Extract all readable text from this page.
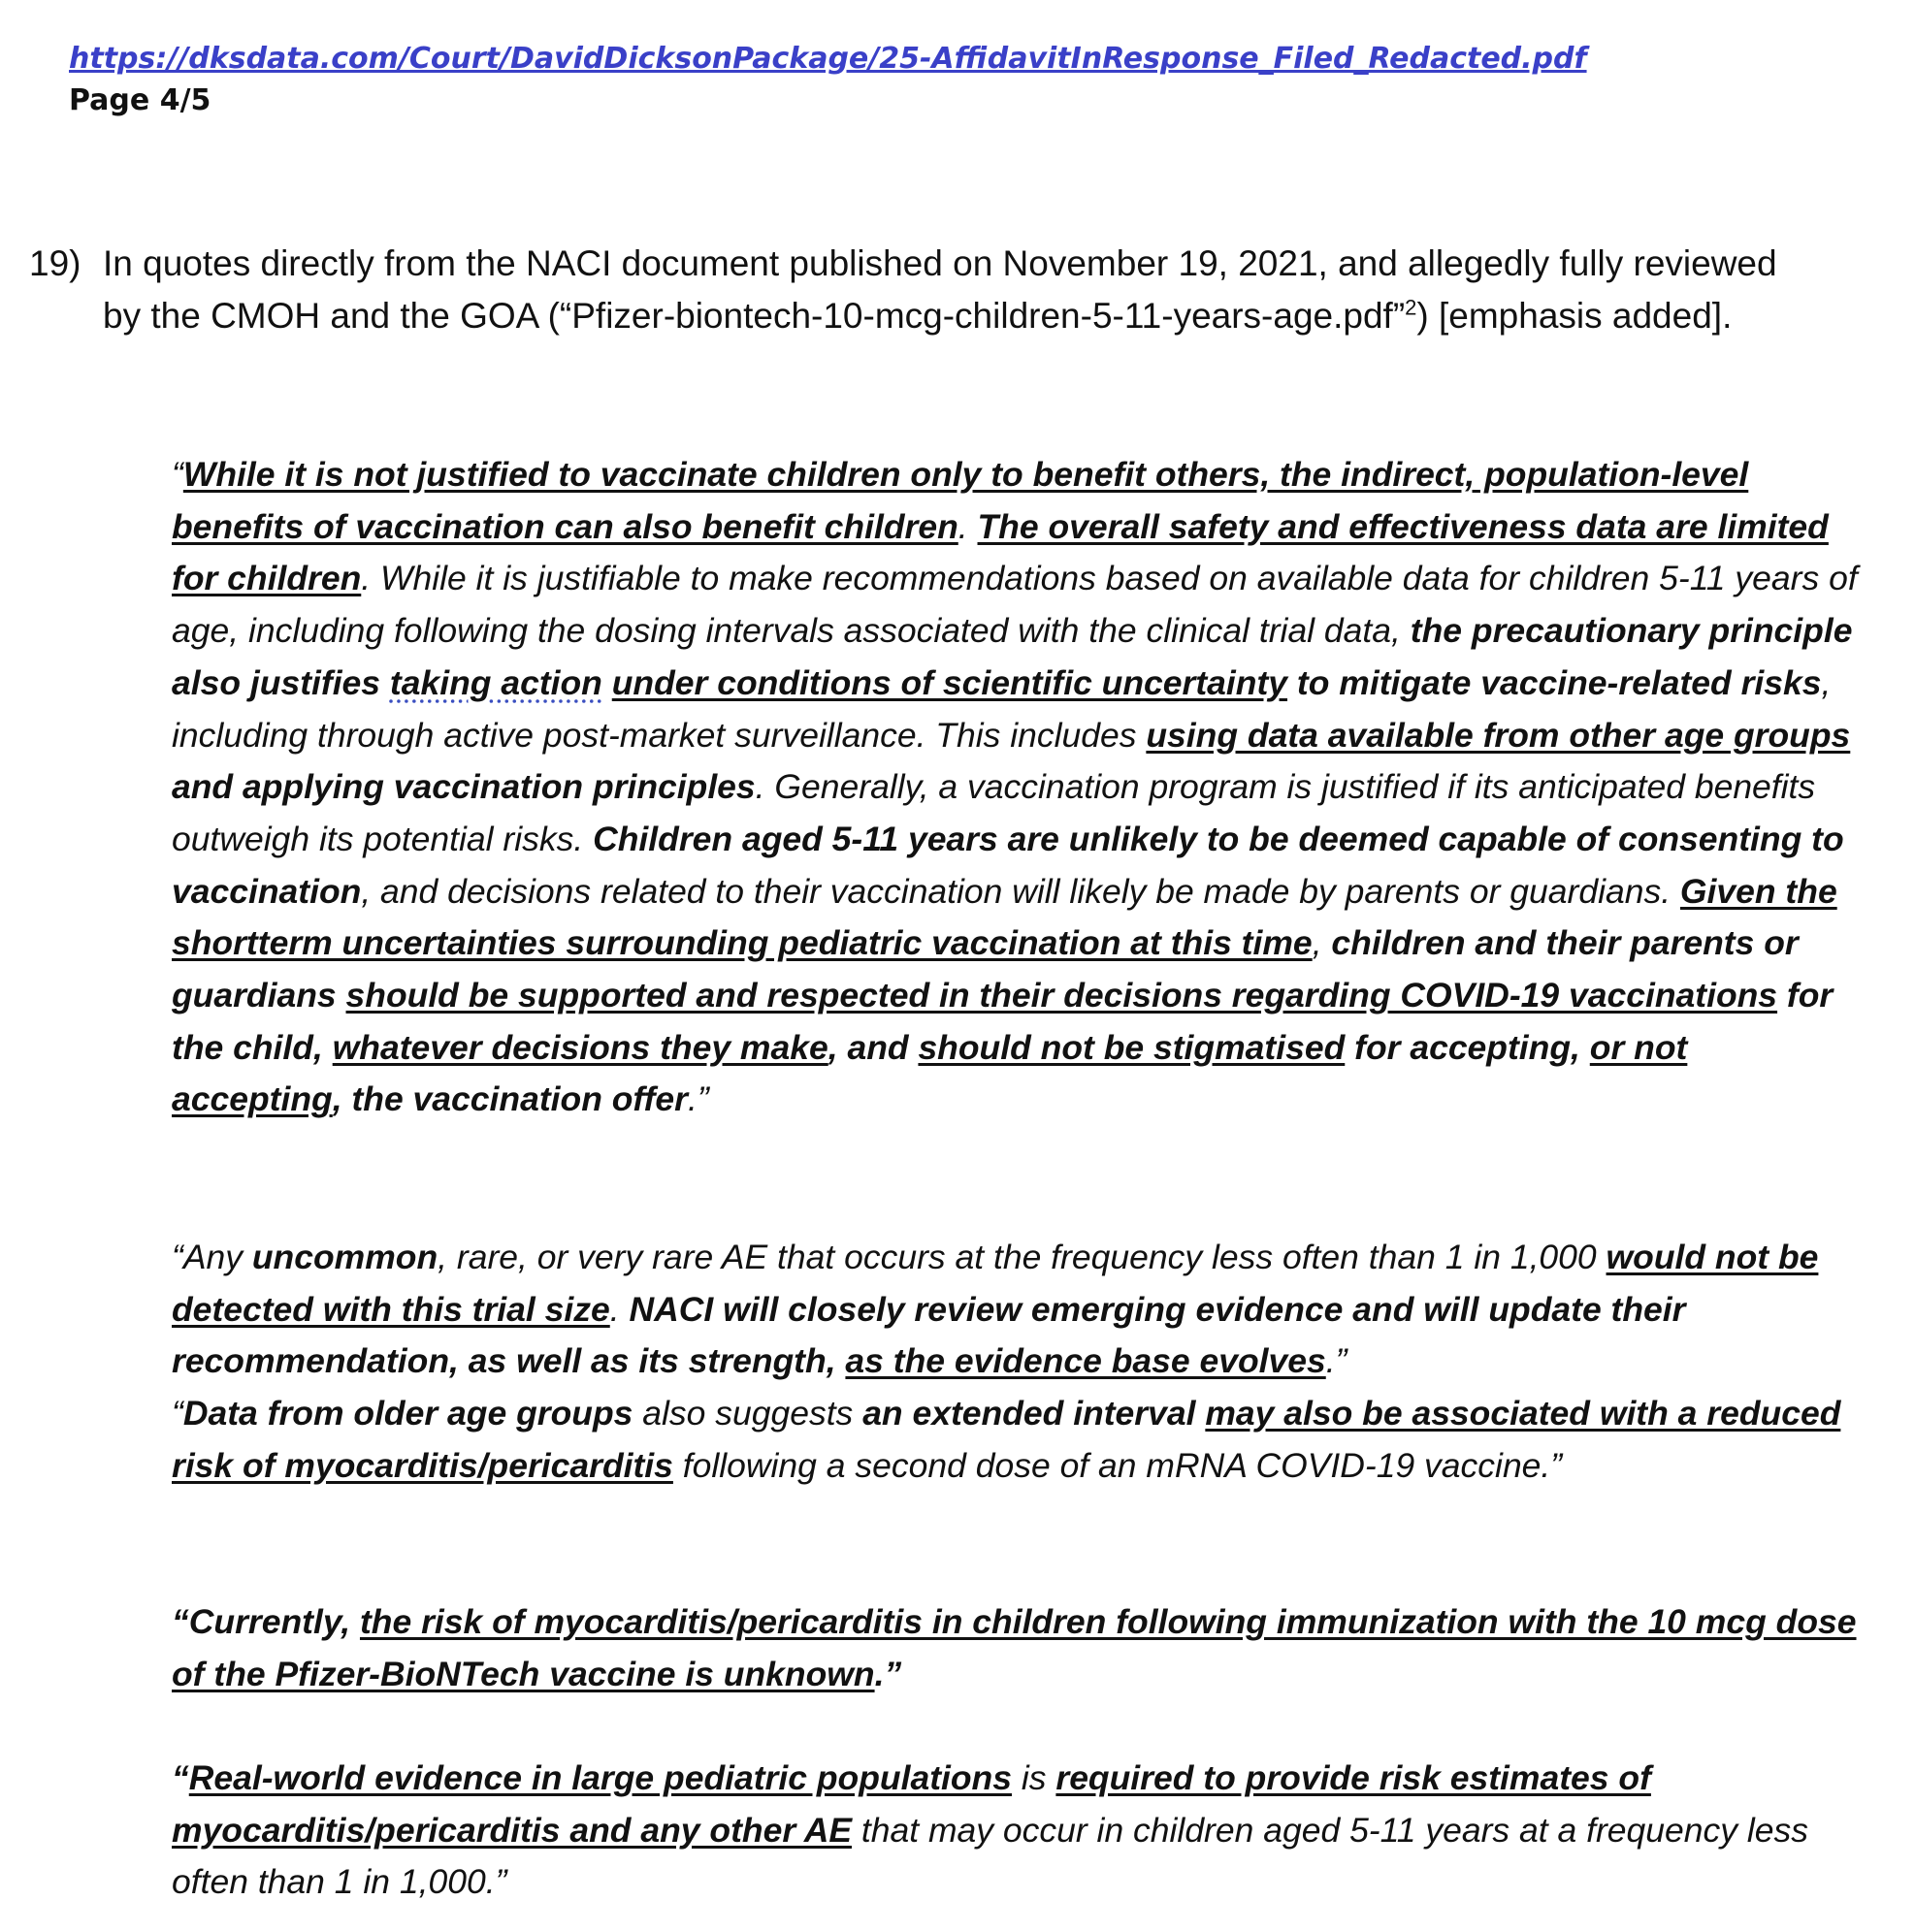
https://dksdata.com/Court/DavidDicksonPackage/25-AffidavitInResponse_Filed_Redacted.pdf
Page 4/5
19) In quotes directly from the NACI document published on November 19, 2021, and allegedly fully reviewed by the CMOH and the GOA (“Pfizer-biontech-10-mcg-children-5-11-years-age.pdf”$^2$) [emphasis added].
“While it is not justified to vaccinate children only to benefit others, the indirect, population-level benefits of vaccination can also benefit children. The overall safety and effectiveness data are limited for children. While it is justifiable to make recommendations based on available data for children 5-11 years of age, including following the dosing intervals associated with the clinical trial data, the precautionary principle also justifies taking action under conditions of scientific uncertainty to mitigate vaccine-related risks, including through active post-market surveillance. This includes using data available from other age groups and applying vaccination principles. Generally, a vaccination program is justified if its anticipated benefits outweigh its potential risks. Children aged 5-11 years are unlikely to be deemed capable of consenting to vaccination, and decisions related to their vaccination will likely be made by parents or guardians. Given the shortterm uncertainties surrounding pediatric vaccination at this time, children and their parents or guardians should be supported and respected in their decisions regarding COVID-19 vaccinations for the child, whatever decisions they make, and should not be stigmatised for accepting, or not accepting, the vaccination offer.”
“Any uncommon, rare, or very rare AE that occurs at the frequency less often than 1 in 1,000 would not be detected with this trial size. NACI will closely review emerging evidence and will update their recommendation, as well as its strength, as the evidence base evolves.”
“Data from older age groups also suggests an extended interval may also be associated with a reduced risk of myocarditis/pericarditis following a second dose of an mRNA COVID-19 vaccine.”
“Currently, the risk of myocarditis/pericarditis in children following immunization with the 10 mcg dose of the Pfizer-BioNTech vaccine is unknown.”
“Real-world evidence in large pediatric populations is required to provide risk estimates of myocarditis/pericarditis and any other AE that may occur in children aged 5-11 years at a frequency less often than 1 in 1,000.”
